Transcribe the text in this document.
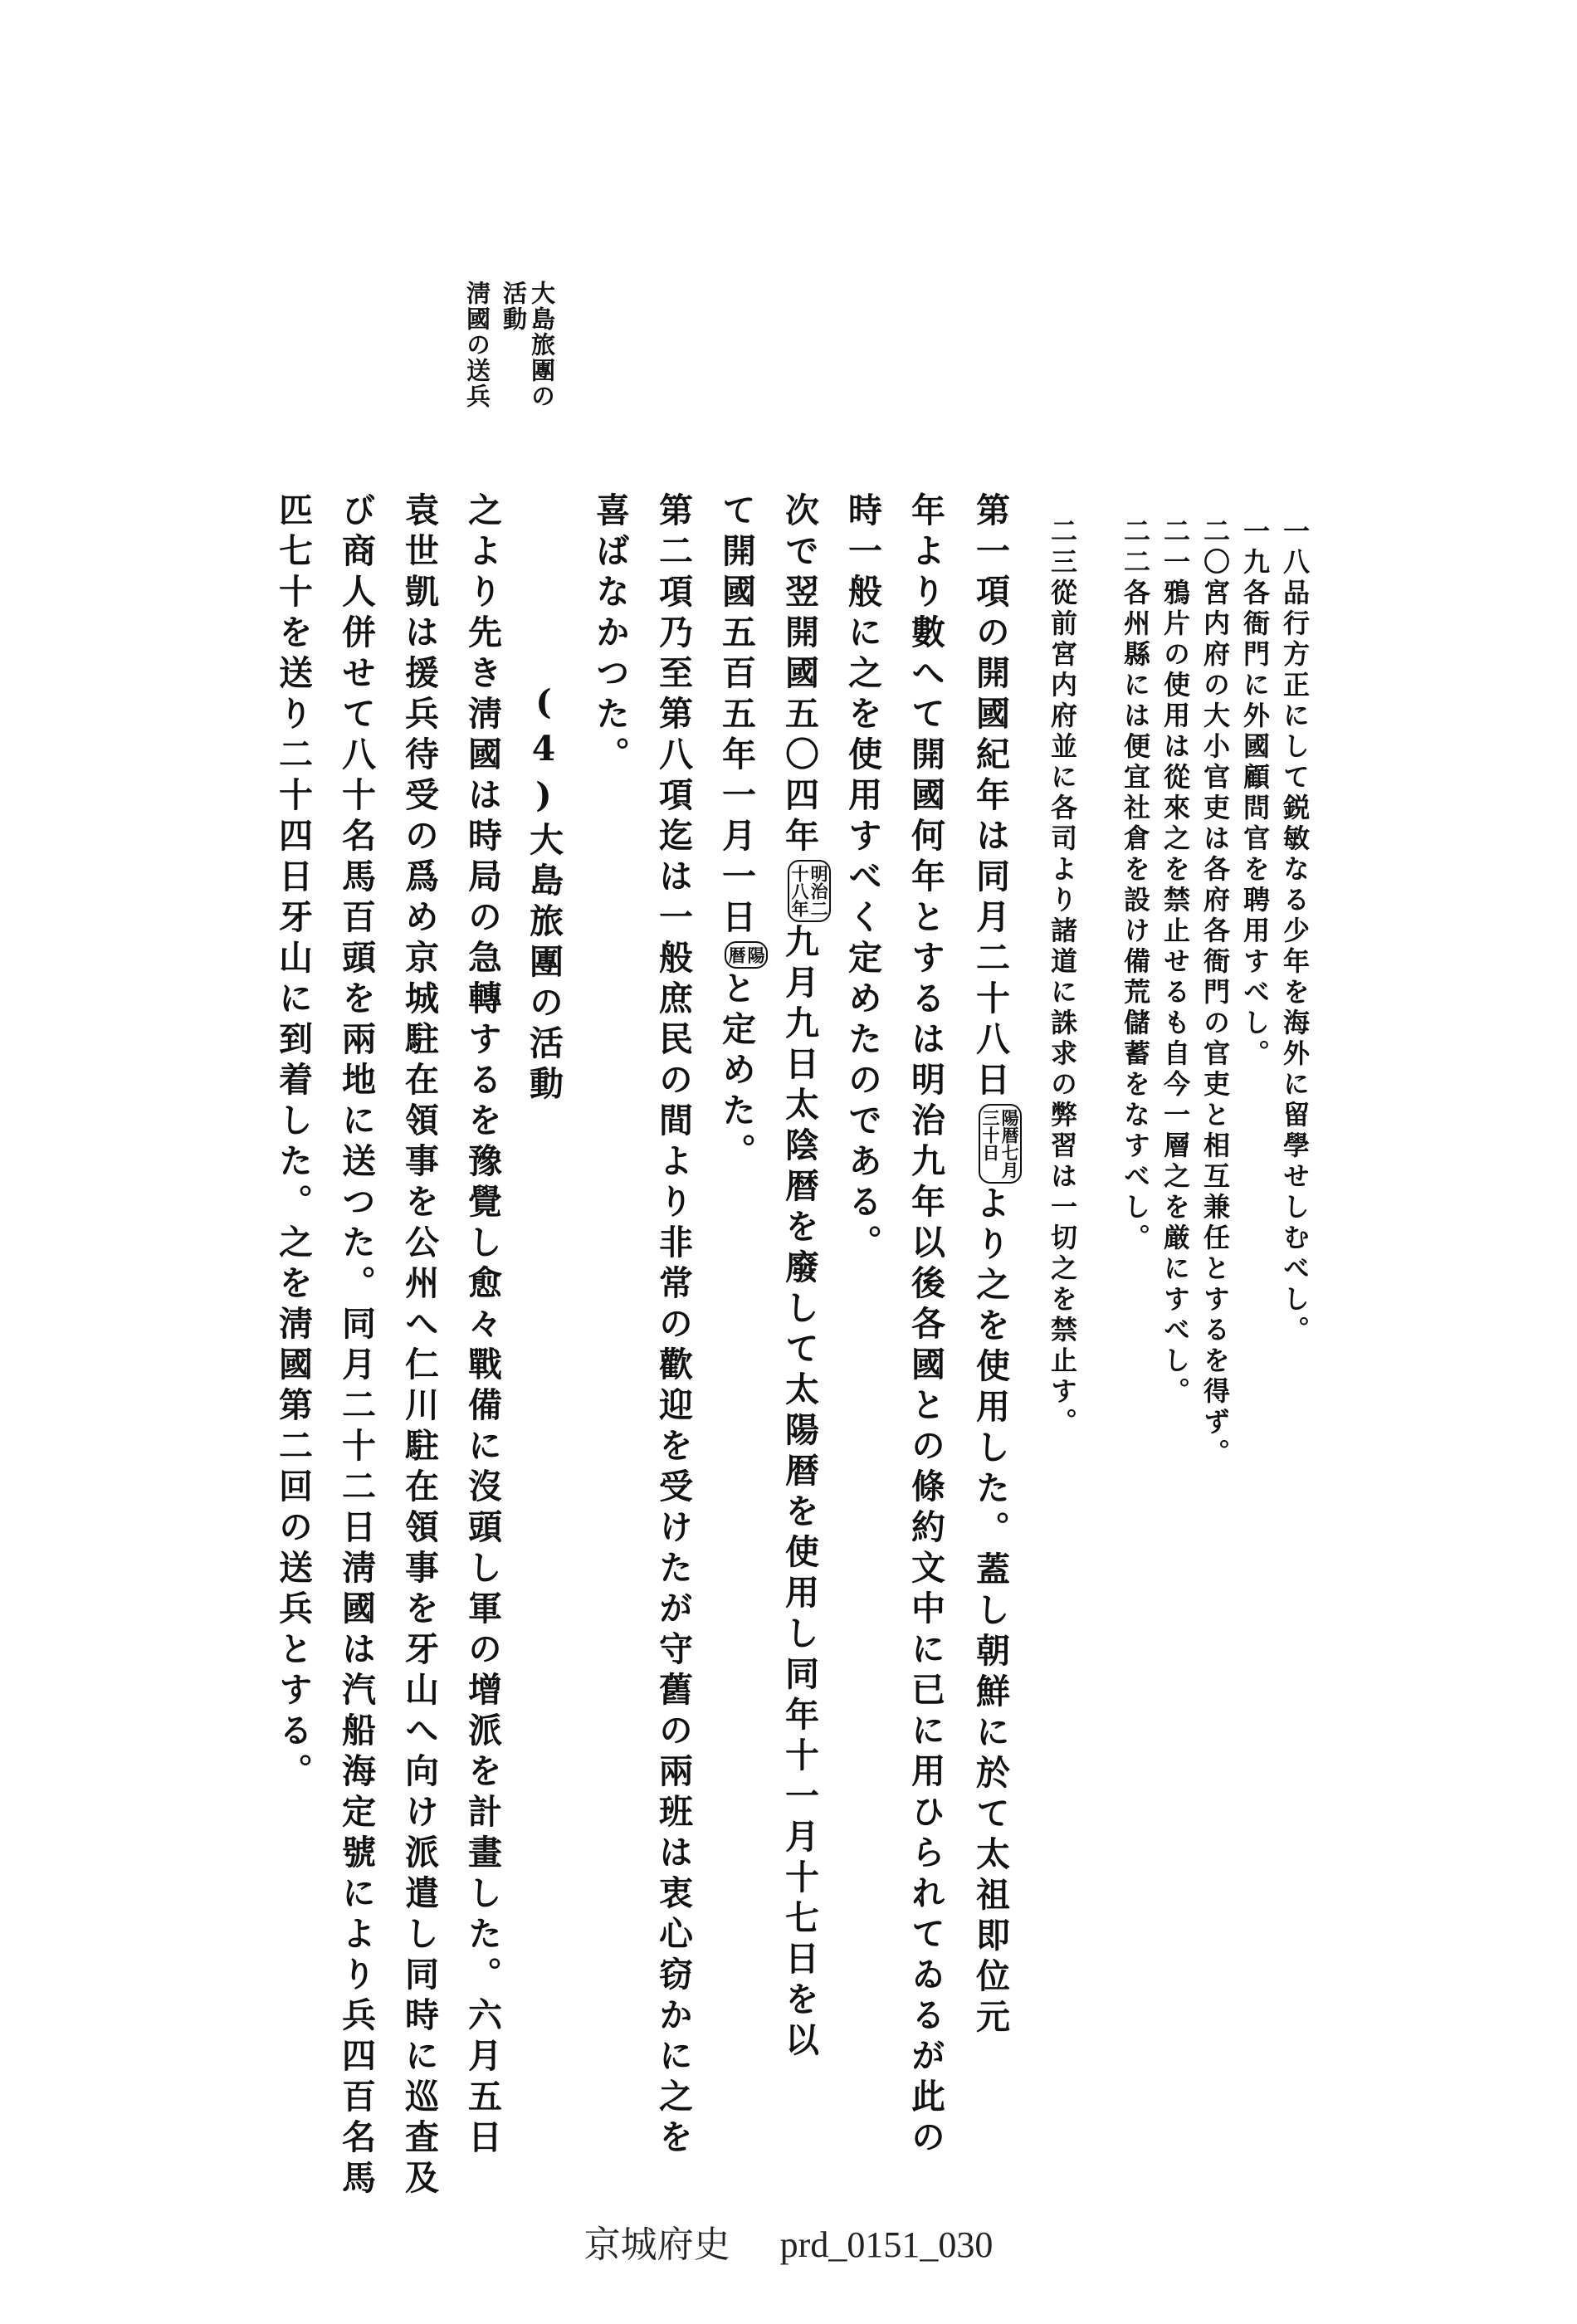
一八品行方正にして鋭敏なる少年を海外に留學せしむべし。
一九各衙門に外國顧問官を聘用すべし。
二〇宮内府の大小官吏は各府各衙門の官吏と相互兼任とするを得ず。
二一鴉片の使用は從來之を禁止せるも自今一層之を厳にすべし。
二二各州縣には便宜社倉を設け備荒儲蓄をなすべし。
二三從前宮内府並に各司より諸道に誅求の弊習は一切之を禁止す。
第一項の開國紀年は同月二十八日
陽暦七月
三十日
より之を使用した。蓋し朝鮮に於て太祖即位元
年より數へて開國何年とするは明治九年以後各國との條約文中に已に用ひられてゐるが此の
時一般に之を使用すべく定めたのである。
次で翌開國五〇四年
明治二
十八年
九月九日太陰暦を廢して太陽暦を使用し同年十一月十七日を以
て開國五百五年一月一日
陽
暦
と定めた。
第二項乃至第八項迄は一般庶民の間より非常の歡迎を受けたが守舊の兩班は衷心窃かに之を
喜ばなかつた。
(4)大島旅團の活動
之より先き淸國は時局の急轉するを豫覺し愈々戰備に沒頭し軍の增派を計畫した。六月五日
袁世凱は援兵待受の爲め京城駐在領事を公州へ仁川駐在領事を牙山へ向け派遣し同時に巡査及
び商人併せて八十名馬百頭を兩地に送つた。同月二十二日淸國は汽船海定號により兵四百名馬
匹七十を送り二十四日牙山に到着した。之を淸國第二回の送兵とする。
大島旅團の
活動
淸國の送兵
京城府史 prd_0151_030
